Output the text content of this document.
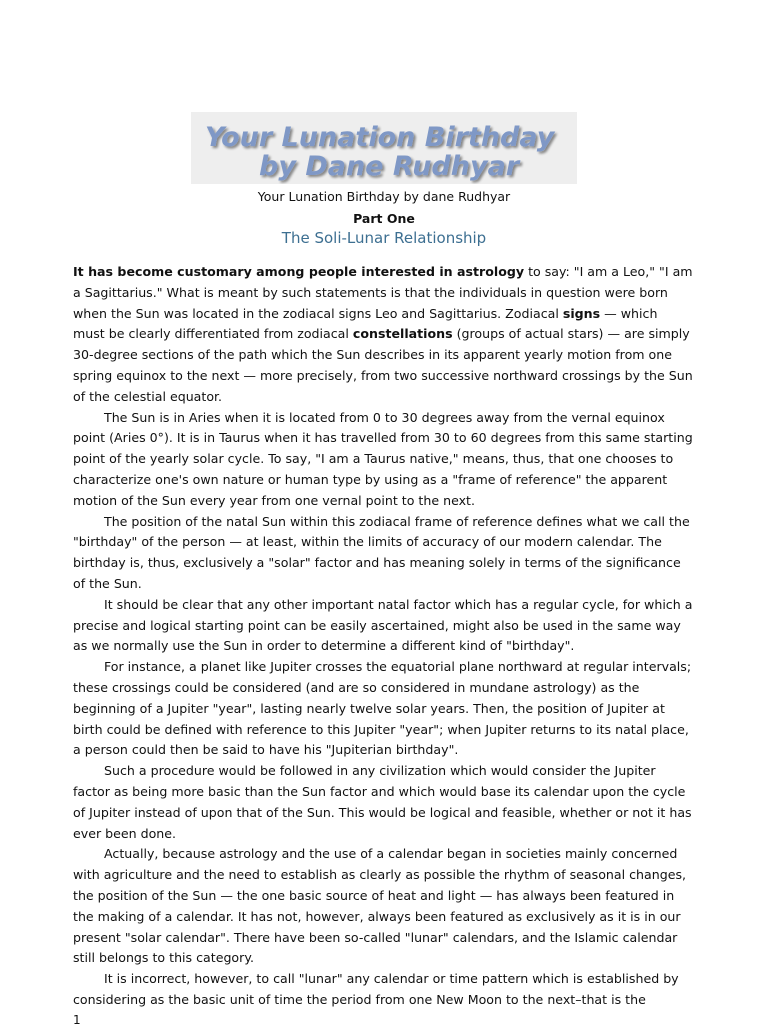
Your Lunation Birthday
by Dane Rudhyar
Your Lunation Birthday by dane Rudhyar
Part One
The Soli-Lunar Relationship

It has become customary among people interested in astrology to say: "I am a Leo," "I am a Sagittarius." What is meant by such statements is that the individuals in question were born when the Sun was located in the zodiacal signs Leo and Sagittarius. Zodiacal signs — which must be clearly differentiated from zodiacal constellations (groups of actual stars) — are simply 30-degree sections of the path which the Sun describes in its apparent yearly motion from one spring equinox to the next — more precisely, from two successive northward crossings by the Sun of the celestial equator.

The Sun is in Aries when it is located from 0 to 30 degrees away from the vernal equinox point (Aries 0°). It is in Taurus when it has travelled from 30 to 60 degrees from this same starting point of the yearly solar cycle. To say, "I am a Taurus native," means, thus, that one chooses to characterize one's own nature or human type by using as a "frame of reference" the apparent motion of the Sun every year from one vernal point to the next.

The position of the natal Sun within this zodiacal frame of reference defines what we call the "birthday" of the person — at least, within the limits of accuracy of our modern calendar. The birthday is, thus, exclusively a "solar" factor and has meaning solely in terms of the significance of the Sun.

It should be clear that any other important natal factor which has a regular cycle, for which a precise and logical starting point can be easily ascertained, might also be used in the same way as we normally use the Sun in order to determine a different kind of "birthday".

For instance, a planet like Jupiter crosses the equatorial plane northward at regular intervals; these crossings could be considered (and are so considered in mundane astrology) as the beginning of a Jupiter "year", lasting nearly twelve solar years. Then, the position of Jupiter at birth could be defined with reference to this Jupiter "year"; when Jupiter returns to its natal place, a person could then be said to have his "Jupiterian birthday".

Such a procedure would be followed in any civilization which would consider the Jupiter factor as being more basic than the Sun factor and which would base its calendar upon the cycle of Jupiter instead of upon that of the Sun. This would be logical and feasible, whether or not it has ever been done.

Actually, because astrology and the use of a calendar began in societies mainly concerned with agriculture and the need to establish as clearly as possible the rhythm of seasonal changes, the position of the Sun — the one basic source of heat and light — has always been featured in the making of a calendar. It has not, however, always been featured as exclusively as it is in our present "solar calendar". There have been so-called "lunar" calendars, and the Islamic calendar still belongs to this category.

It is incorrect, however, to call "lunar" any calendar or time pattern which is established by considering as the basic unit of time the period from one New Moon to the next–that is the

1
